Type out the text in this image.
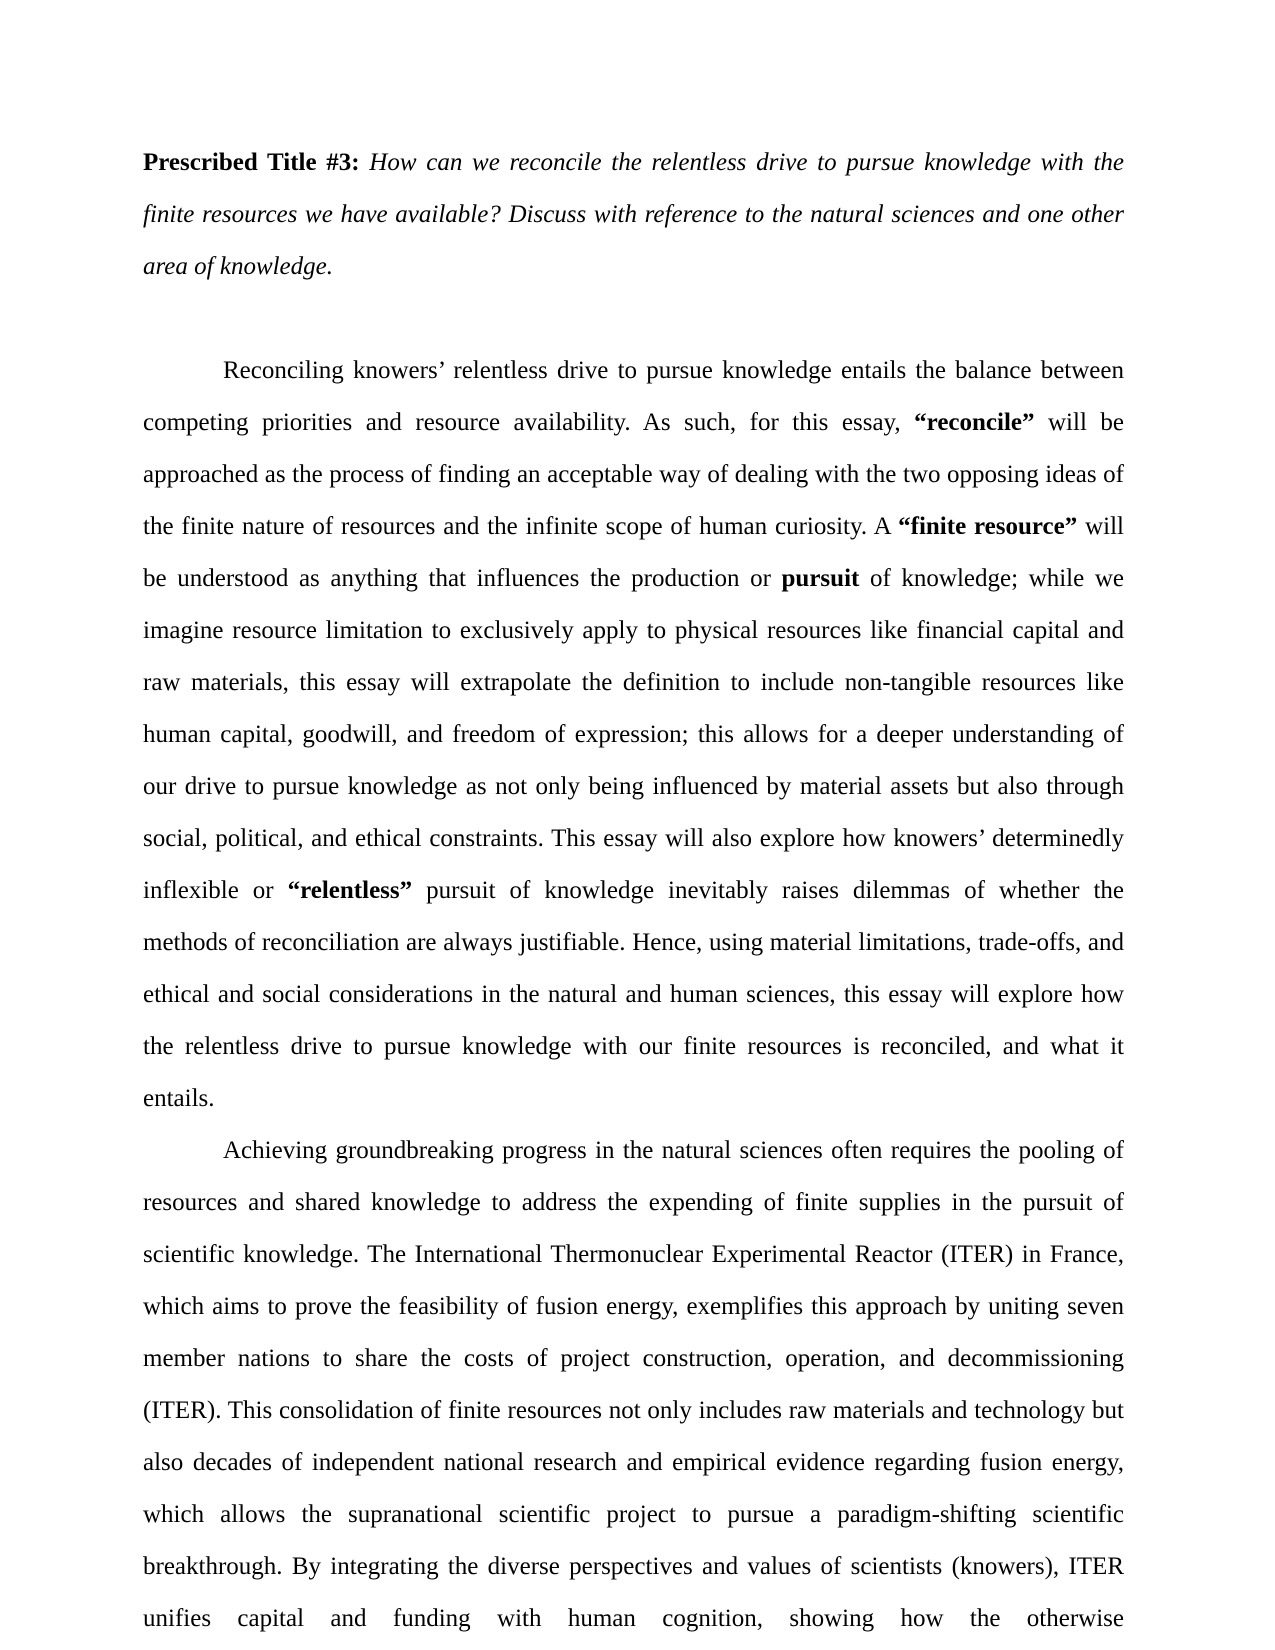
Prescribed Title #3: How can we reconcile the relentless drive to pursue knowledge with the finite resources we have available? Discuss with reference to the natural sciences and one other area of knowledge.

Reconciling knowers’ relentless drive to pursue knowledge entails the balance between competing priorities and resource availability. As such, for this essay, “reconcile” will be approached as the process of finding an acceptable way of dealing with the two opposing ideas of the finite nature of resources and the infinite scope of human curiosity. A “finite resource” will be understood as anything that influences the production or pursuit of knowledge; while we imagine resource limitation to exclusively apply to physical resources like financial capital and raw materials, this essay will extrapolate the definition to include non-tangible resources like human capital, goodwill, and freedom of expression; this allows for a deeper understanding of our drive to pursue knowledge as not only being influenced by material assets but also through social, political, and ethical constraints. This essay will also explore how knowers’ determinedly inflexible or “relentless” pursuit of knowledge inevitably raises dilemmas of whether the methods of reconciliation are always justifiable. Hence, using material limitations, trade-offs, and ethical and social considerations in the natural and human sciences, this essay will explore how the relentless drive to pursue knowledge with our finite resources is reconciled, and what it entails.

Achieving groundbreaking progress in the natural sciences often requires the pooling of resources and shared knowledge to address the expending of finite supplies in the pursuit of scientific knowledge. The International Thermonuclear Experimental Reactor (ITER) in France, which aims to prove the feasibility of fusion energy, exemplifies this approach by uniting seven member nations to share the costs of project construction, operation, and decommissioning (ITER). This consolidation of finite resources not only includes raw materials and technology but also decades of independent national research and empirical evidence regarding fusion energy, which allows the supranational scientific project to pursue a paradigm-shifting scientific breakthrough. By integrating the diverse perspectives and values of scientists (knowers), ITER unifies capital and funding with human cognition, showing how the otherwise
